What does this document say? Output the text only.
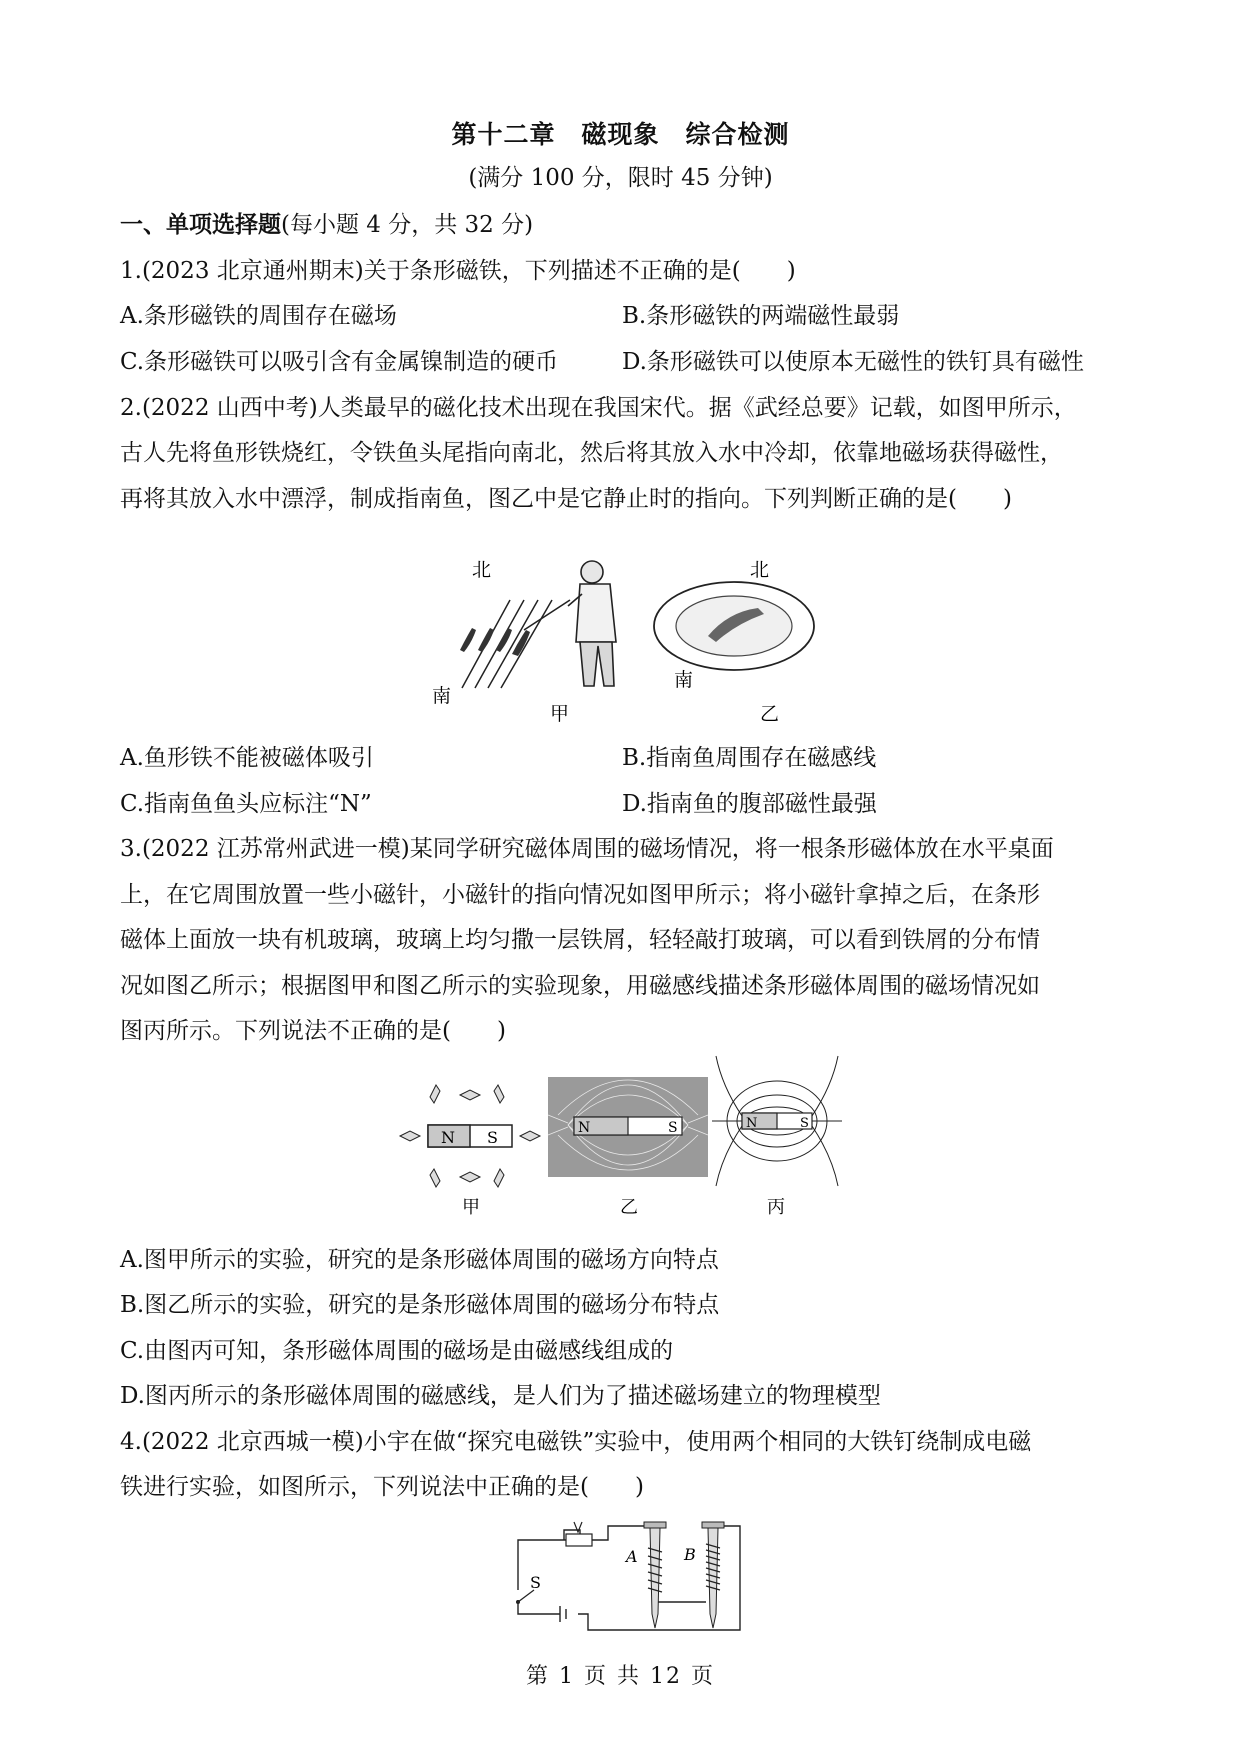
第十二章　磁现象　综合检测
(满分 100 分，限时 45 分钟)
一、单项选择题(每小题 4 分，共 32 分)
1.(2023 北京通州期末)关于条形磁铁，下列描述不正确的是(　　)
A.条形磁铁的周围存在磁场	B.条形磁铁的两端磁性最弱
C.条形磁铁可以吸引含有金属镍制造的硬币	D.条形磁铁可以使原本无磁性的铁钉具有磁性
2.(2022 山西中考)人类最早的磁化技术出现在我国宋代。据《武经总要》记载，如图甲所示，
古人先将鱼形铁烧红，令铁鱼头尾指向南北，然后将其放入水中冷却，依靠地磁场获得磁性，
再将其放入水中漂浮，制成指南鱼，图乙中是它静止时的指向。下列判断正确的是(　　)
北
南
甲
北
南
乙
A.鱼形铁不能被磁体吸引	B.指南鱼周围存在磁感线
C.指南鱼鱼头应标注“N”	D.指南鱼的腹部磁性最强
3.(2022 江苏常州武进一模)某同学研究磁体周围的磁场情况，将一根条形磁体放在水平桌面
上，在它周围放置一些小磁针，小磁针的指向情况如图甲所示；将小磁针拿掉之后，在条形
磁体上面放一块有机玻璃，玻璃上均匀撒一层铁屑，轻轻敲打玻璃，可以看到铁屑的分布情
况如图乙所示；根据图甲和图乙所示的实验现象，用磁感线描述条形磁体周围的磁场情况如
图丙所示。下列说法不正确的是(　　)
N S
甲
N	S
乙
N	S
丙
A.图甲所示的实验，研究的是条形磁体周围的磁场方向特点
B.图乙所示的实验，研究的是条形磁体周围的磁场分布特点
C.由图丙可知，条形磁体周围的磁场是由磁感线组成的
D.图丙所示的条形磁体周围的磁感线，是人们为了描述磁场建立的物理模型
4.(2022 北京西城一模)小宇在做“探究电磁铁”实验中，使用两个相同的大铁钉绕制成电磁
铁进行实验，如图所示，下列说法中正确的是(　　)
S
A	B
第 1 页 共 12 页
